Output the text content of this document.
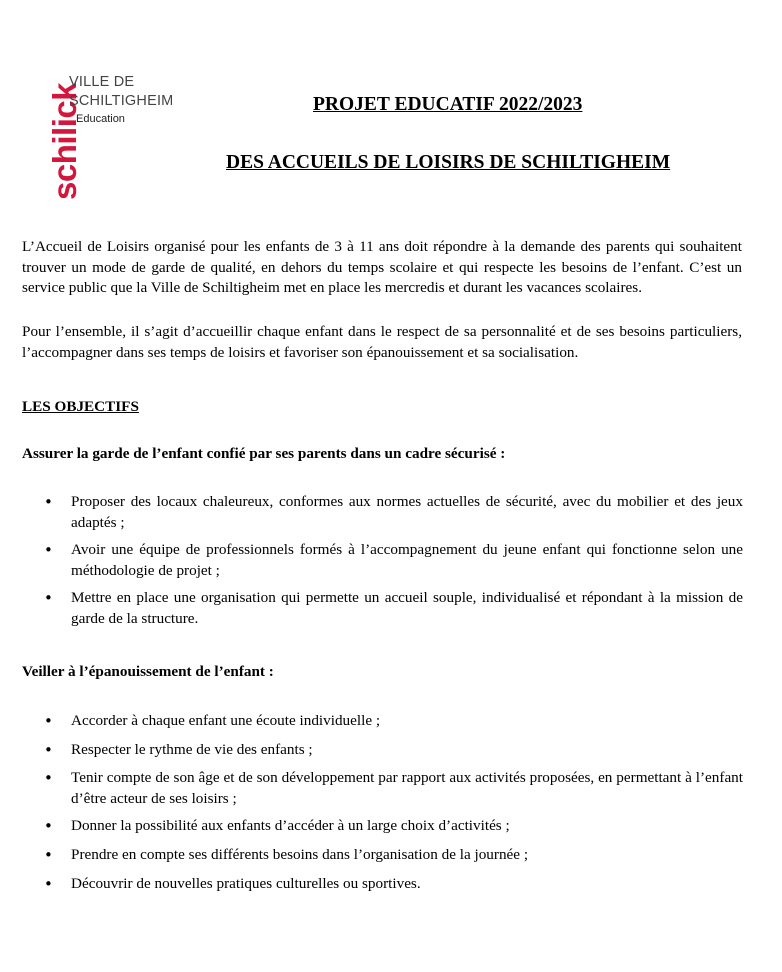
schilick
VILLE DE
SCHILTIGHEIM
Education
PROJET EDUCATIF 2022/2023
DES ACCUEILS DE LOISIRS DE SCHILTIGHEIM
L’Accueil de Loisirs organisé pour les enfants de 3 à 11 ans doit répondre à la demande des parents qui souhaitent trouver un mode de garde de qualité, en dehors du temps scolaire et qui respecte les besoins de l’enfant. C’est un service public que la Ville de Schiltigheim met en place les mercredis et durant les vacances scolaires.
Pour l’ensemble, il s’agit d’accueillir chaque enfant dans le respect de sa personnalité et de ses besoins particuliers, l’accompagner dans ses temps de loisirs et favoriser son épanouissement et sa socialisation.
LES OBJECTIFS
Assurer la garde de l’enfant confié par ses parents dans un cadre sécurisé :
• Proposer des locaux chaleureux, conformes aux normes actuelles de sécurité, avec du mobilier et des jeux adaptés ;
• Avoir une équipe de professionnels formés à l’accompagnement du jeune enfant qui fonctionne selon une méthodologie de projet ;
• Mettre en place une organisation qui permette un accueil souple, individualisé et répondant à la mission de garde de la structure.
Veiller à l’épanouissement de l’enfant :
• Accorder à chaque enfant une écoute individuelle ;
• Respecter le rythme de vie des enfants ;
• Tenir compte de son âge et de son développement par rapport aux activités proposées, en permettant à l’enfant d’être acteur de ses loisirs ;
• Donner la possibilité aux enfants d’accéder à un large choix d’activités ;
• Prendre en compte ses différents besoins dans l’organisation de la journée ;
• Découvrir de nouvelles pratiques culturelles ou sportives.
